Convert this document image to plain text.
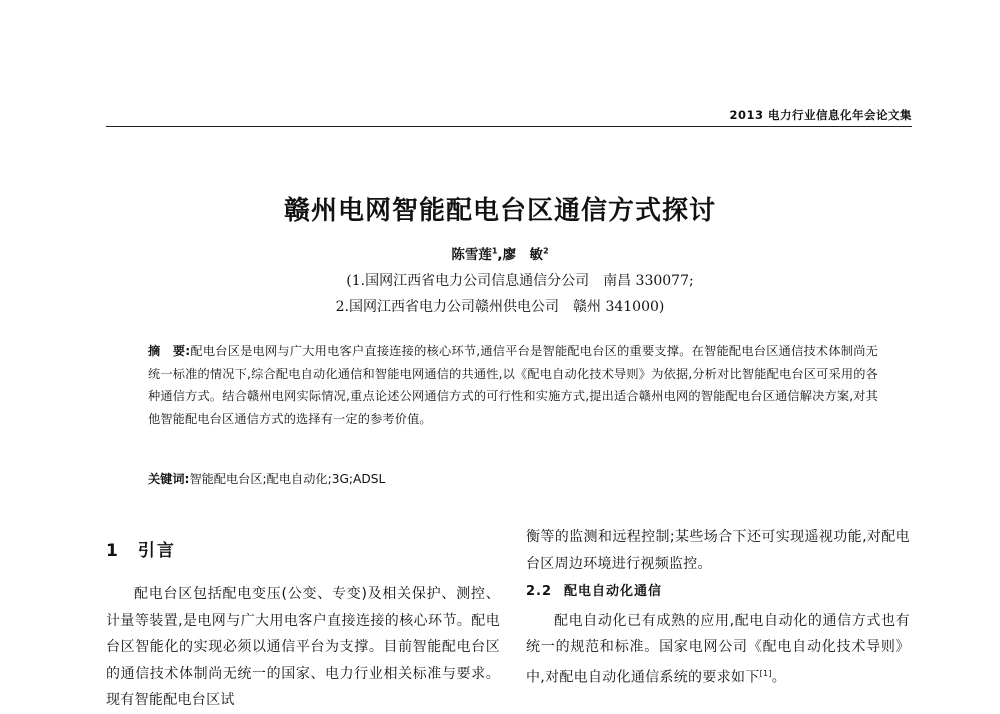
2013 电力行业信息化年会论文集
赣州电网智能配电台区通信方式探讨
陈雪莲$^1$,廖　敏$^2$
(1.国网江西省电力公司信息通信分公司　南昌 330077;
2.国网江西省电力公司赣州供电公司　赣州 341000)
摘　要:配电台区是电网与广大用电客户直接连接的核心环节,通信平台是智能配电台区的重要支撑。在智能配电台区通信技术体制尚无统一标准的情况下,综合配电自动化通信和智能电网通信的共通性,以《配电自动化技术导则》为依据,分析对比智能配电台区可采用的各种通信方式。结合赣州电网实际情况,重点论述公网通信方式的可行性和实施方式,提出适合赣州电网的智能配电台区通信解决方案,对其他智能配电台区通信方式的选择有一定的参考价值。
关键词:智能配电台区;配电自动化;3G;ADSL
1 引言

配电台区包括配电变压(公变、专变)及相关保护、测控、计量等装置,是电网与广大用电客户直接连接的核心环节。配电台区智能化的实现必须以通信平台为支撑。目前智能配电台区的通信技术体制尚无统一的国家、电力行业相关标准与要求。现有智能配电台区试

衡等的监测和远程控制;某些场合下还可实现遥视功能,对配电台区周边环境进行视频监控。

2.2 配电自动化通信

配电自动化已有成熟的应用,配电自动化的通信方式也有统一的规范和标准。国家电网公司《配电自动化技术导则》中,对配电自动化通信系统的要求如下[1]。
